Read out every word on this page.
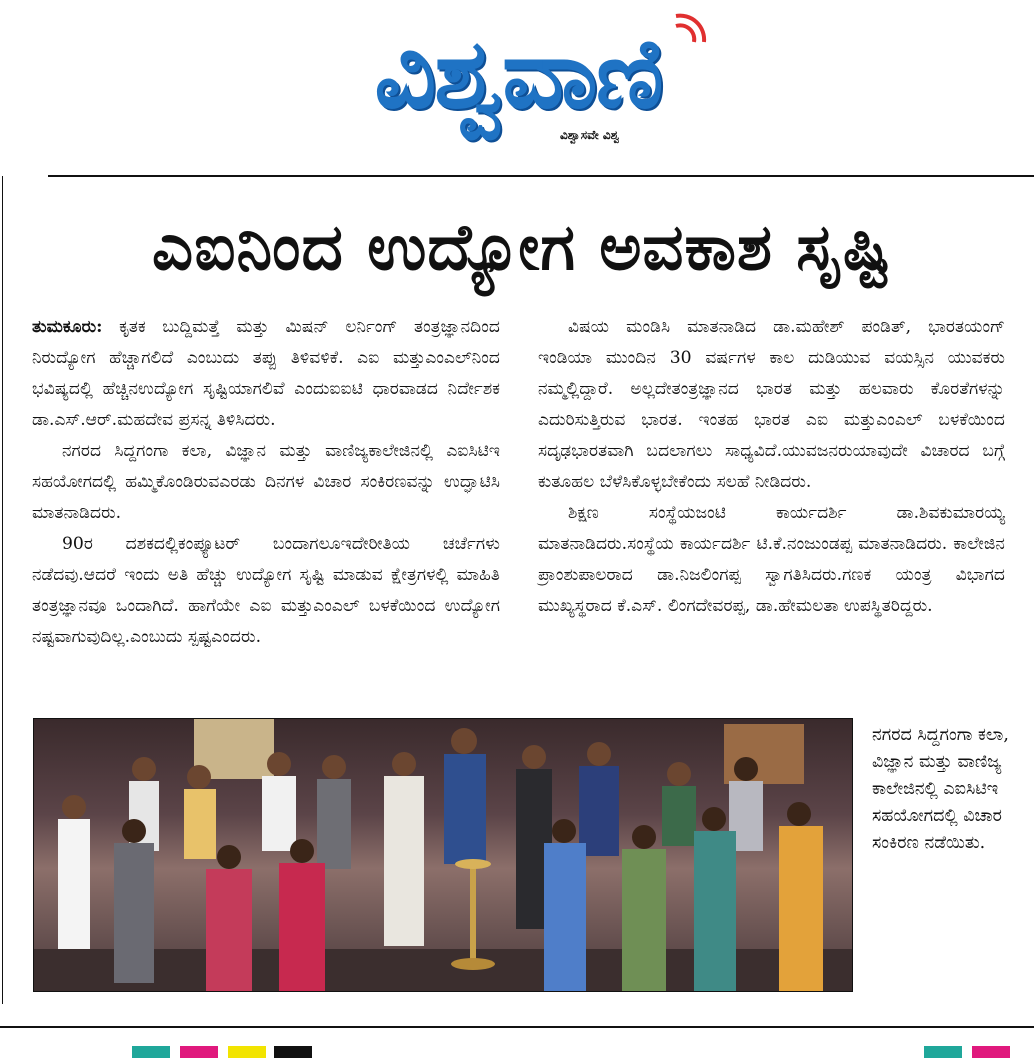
ವಿಶ್ವವಾಣಿ
ವಿಶ್ವಾಸವೇ ವಿಶ್ವ
ಎಐನಿಂದ ಉದ್ಯೋಗ ಅವಕಾಶ ಸೃಷ್ಟಿ

ತುಮಕೂರು: ಕೃತಕ ಬುದ್ದಿಮತ್ತೆ ಮತ್ತು ಮಿಷನ್ ಲರ್ನಿಂಗ್ ತಂತ್ರಜ್ಞಾನದಿಂದ ನಿರುದ್ಯೋಗ ಹೆಚ್ಚಾಗಲಿದೆ ಎಂಬುದು ತಪ್ಪು ತಿಳಿವಳಿಕೆ. ಎಐ ಮತ್ತುಎಂಎಲ್‌ನಿಂದ ಭವಿಷ್ಯದಲ್ಲಿ ಹೆಚ್ಚಿನಉದ್ಯೋಗ ಸೃಷ್ಟಿಯಾಗಲಿವೆ ಎಂದುಐಐಟಿ ಧಾರವಾಡದ ನಿರ್ದೇಶಕ ಡಾ.ಎಸ್.ಆರ್.ಮಹದೇವ ಪ್ರಸನ್ನ ತಿಳಿಸಿದರು.

ನಗರದ ಸಿದ್ದಗಂಗಾ ಕಲಾ, ವಿಜ್ಞಾನ ಮತ್ತು ವಾಣಿಜ್ಯಕಾಲೇಜಿನಲ್ಲಿ ಎಐಸಿಟಿಇ ಸಹಯೋಗದಲ್ಲಿ ಹಮ್ಮಿಕೊಂಡಿರುವಎರಡು ದಿನಗಳ ವಿಚಾರ ಸಂಕಿರಣವನ್ನು ಉದ್ಘಾಟಿಸಿ ಮಾತನಾಡಿದರು.

90ರ ದಶಕದಲ್ಲಿಕಂಪ್ಯೂಟರ್ ಬಂದಾಗಲೂಇದೇರೀತಿಯ ಚರ್ಚೆಗಳು ನಡೆದವು.ಆದರೆ ಇಂದು ಅತಿ ಹೆಚ್ಚು ಉದ್ಯೋಗ ಸೃಷ್ಟಿ ಮಾಡುವ ಕ್ಷೇತ್ರಗಳಲ್ಲಿ ಮಾಹಿತಿ ತಂತ್ರಜ್ಞಾನವೂ ಒಂದಾಗಿದೆ. ಹಾಗೆಯೇ ಎಐ ಮತ್ತುಎಂಎಲ್ ಬಳಕೆಯಿಂದ ಉದ್ಯೋಗ ನಷ್ಟವಾಗುವುದಿಲ್ಲ.ಎಂಬುದು ಸ್ಪಷ್ಟಎಂದರು.

ವಿಷಯ ಮಂಡಿಸಿ ಮಾತನಾಡಿದ ಡಾ.ಮಹೇಶ್ ಪಂಡಿತ್, ಭಾರತಯಂಗ್ ಇಂಡಿಯಾ ಮುಂದಿನ 30 ವರ್ಷಗಳ ಕಾಲ ದುಡಿಯುವ ವಯಸ್ಸಿನ ಯುವಕರು ನಮ್ಮಲ್ಲಿದ್ದಾರೆ. ಅಲ್ಲದೇತಂತ್ರಜ್ಞಾನದ ಭಾರತ ಮತ್ತು ಹಲವಾರು ಕೊರತೆಗಳನ್ನು ಎದುರಿಸುತ್ತಿರುವ ಭಾರತ. ಇಂತಹ ಭಾರತ ಎಐ ಮತ್ತುಎಂಎಲ್ ಬಳಕೆಯಿಂದ ಸದೃಢಭಾರತವಾಗಿ ಬದಲಾಗಲು ಸಾಧ್ಯವಿದೆ.ಯುವಜನರುಯಾವುದೇ ವಿಚಾರದ ಬಗ್ಗೆ ಕುತೂಹಲ ಬೆಳೆಸಿಕೊಳ್ಳಬೇಕೆಂದು ಸಲಹೆ ನೀಡಿದರು.

ಶಿಕ್ಷಣ ಸಂಸ್ಥೆಯಜಂಟಿ ಕಾರ್ಯದರ್ಶಿ ಡಾ.ಶಿವಕುಮಾರಯ್ಯ ಮಾತನಾಡಿದರು.ಸಂಸ್ಥೆಯ ಕಾರ್ಯದರ್ಶಿ ಟಿ.ಕೆ.ನಂಜುಂಡಪ್ಪ ಮಾತನಾಡಿದರು. ಕಾಲೇಜಿನ ಪ್ರಾಂಶುಪಾಲರಾದ ಡಾ.ನಿಜಲಿಂಗಪ್ಪ ಸ್ವಾಗತಿಸಿದರು.ಗಣಕ ಯಂತ್ರ ವಿಭಾಗದ ಮುಖ್ಯಸ್ಥರಾದ ಕೆ.ಎಸ್. ಲಿಂಗದೇವರಪ್ಪ, ಡಾ.ಹೇಮಲತಾ ಉಪಸ್ಥಿತರಿದ್ದರು.

ನಗರದ ಸಿದ್ದಗಂಗಾ ಕಲಾ, ವಿಜ್ಞಾನ ಮತ್ತು ವಾಣಿಜ್ಯ ಕಾಲೇಜಿನಲ್ಲಿ ಎಐಸಿಟಿಇ ಸಹಯೋಗದಲ್ಲಿ ವಿಚಾರ ಸಂಕಿರಣ ನಡೆಯಿತು.
